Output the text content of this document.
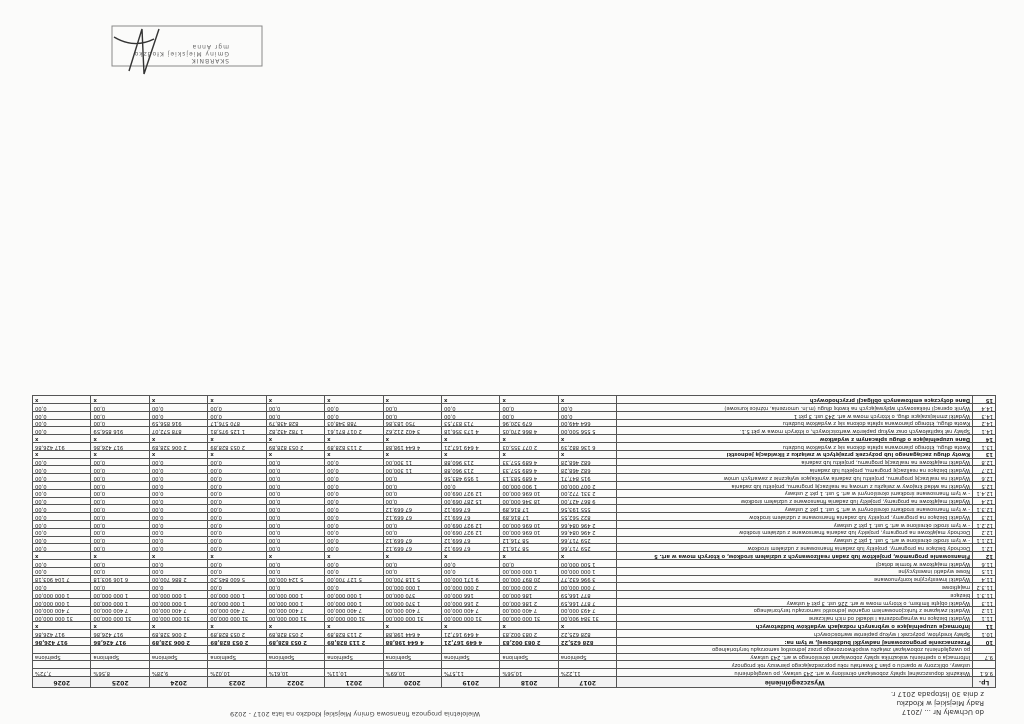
do Uchwały Nr ... /2017
Rady Miejskiej w Kłodzku
z dnia 30 listopada 2017 r.
Wieloletnia prognoza finansowa Gminy Miejskiej Kłodzko na lata 2017 - 2029
Lp.	Wyszczególnienie	2017	2018	2019	2020	2021	2022	2023	2024	2025	2026
9.6.1	Wskaźnik dopuszczalnej spłaty zobowiązań określony w art. 243 ustawy, po uwzględnieniu	11,22%	10,56%	11,57%	10,69%	10,11%	10,61%	10,02%	9,28%	8,56%	7,72%
	ustawy, obliczony w oparciu o plan 3 kwartału roku poprzedzającego pierwszy rok prognozy										
9.7	Informacja o spełnieniu wskaźnika spłaty zobowiązań określonego w art. 243 ustawy	Spełniona	Spełniona	Spełniona	Spełniona	Spełniona	Spełniona	Spełniona	Spełniona	Spełniona	Spełniona
	po uwzględnieniu zobowiązań związku współtworzonego przez jednostkę samorządu terytorialnego										
10	Przeznaczenie prognozowanej nadwyżki budżetowej, w tym na:	828 625,22	2 083 002,83	4 649 167,21	4 644 198,88	2 113 828,89	2 053 828,89	2 053 828,89	2 006 328,89	917 426,86	917 426,86
10.1	Spłaty kredytów, pożyczek i wykup papierów wartościowych	828 625,22	2 083 002,83	4 649 167,21	4 644 198,88	2 113 828,89	2 053 828,89	2 053 828,89	2 006 328,89	917 426,86	917 426,86
11	Informacje uzupełniające o wybranych rodzajach wydatków budżetowych	x	x	x	x	x	x	x	x	x	x
11.1	Wydatki bieżące na wynagrodzenia i składki od nich naliczane	31 384 900,00	31 000 000,00	31 000 000,00	31 000 000,00	31 000 000,00	31 000 000,00	31 000 000,00	31 000 000,00	31 000 000,00	31 000 000,00
11.2	Wydatki związane z funkcjonowaniem organów jednostki samorządu terytorialnego	7 493 000,00	7 400 000,00	7 400 000,00	7 400 000,00	7 400 000,00	7 400 000,00	7 400 000,00	7 400 000,00	7 400 000,00	7 400 000,00
11.3	Wydatki objęte limitem, o którym mowa w art. 226 ust. 3 pkt 4 ustawy	7 877 166,59	2 186 000,00	2 166 000,00	1 370 000,00	1 000 000,00	1 000 000,00	1 000 000,00	1 000 000,00	1 000 000,00	1 000 000,00
11.3.1	bieżące	877 166,59	186 000,00	166 000,00	370 000,00	1 000 000,00	1 000 000,00	1 000 000,00	1 000 000,00	1 000 000,00	1 000 000,00
11.3.2	majątkowe	7 000 000,00	2 000 000,00	2 000 000,00	1 000 000,00	0,00	0,00	0,00	0,00	0,00	0,00
11.4	Wydatki inwestycyjne kontynuowane	3 996 632,77	20 897 000,00	9 171 000,00	5 118 700,00	5 127 700,00	5 124 000,00	5 600 845,20	2 886 700,00	6 106 903,18	7 104 903,18
11.5	Nowe wydatki inwestycyjne	1 000 000,00	1 000 000,00	0,00	0,00	0,00	0,00	0,00	0,00	0,00	0,00
11.6	Wydatki majątkowe w formie dotacji	1 500 000,00	0,00	0,00	0,00	0,00	0,00	0,00	0,00	0,00	0,00
12	Finansowanie programów, projektów lub zadań realizowanych z udziałem środków, o których mowa w art. 5	x	x	x	x	x	x	x	x	x	x
12.1	Dochody bieżące na programy, projekty lub zadania finansowane z udziałem środków	259 717,66	58 716,12	67 669,12	67 669,12	0,00	0,00	0,00	0,00	0,00	0,00
12.1.1	- w tym środki określone w art. 5 ust. 1 pkt 2 ustawy	259 717,66	58 716,12	67 669,12	67 669,12	0,00	0,00	0,00	0,00	0,00	0,00
12.2	Dochody majątkowe na programy, projekty lub zadania finansowane z udziałem środków	2 496 084,66	10 696 000,00	12 927 069,00	0,00	0,00	0,00	0,00	0,00	0,00	0,00
12.2.1	- w tym środki określone w art. 5 ust. 1 pkt 2 ustawy	2 496 084,66	10 696 000,00	12 927 069,00	0,00	0,00	0,00	0,00	0,00	0,00	0,00
12.3	Wydatki bieżące na programy, projekty lub zadania finansowane z udziałem środków	822 562,55	17 816,89	67 669,12	67 669,12	0,00	0,00	0,00	0,00	0,00	0,00
12.3.1	- w tym finansowane środkami określonymi w art. 5 ust. 1 pkt 2 ustawy	555 193,56	17 816,89	67 669,12	67 669,12	0,00	0,00	0,00	0,00	0,00	0,00
12.4	Wydatki majątkowe na programy, projekty lub zadania finansowane z udziałem środków	9 867 427,00	18 346 000,00	15 287 069,00	0,00	0,00	0,00	0,00	0,00	0,00	0,00
12.4.1	- w tym finansowane środkami określonymi w art. 5 ust. 1 pkt 2 ustawy	2 331 772,00	10 696 000,00	12 927 069,00	0,00	0,00	0,00	0,00	0,00	0,00	0,00
12.5	Wydatki na wkład krajowy w związku z umową na realizację programu, projektu lub zadania	2 007 000,00	1 900 000,00	0,00	0,00	0,00	0,00	0,00	0,00	0,00	0,00
12.6	Wydatki na realizację programu, projektu lub zadania wynikające wyłącznie z zawartych umów	915 847,71	4 689 583,13	1 959 483,56	0,00	0,00	0,00	0,00	0,00	0,00	0,00
12.7	Wydatki bieżące na realizację programu, projektu lub zadania	682 468,28	4 689 557,33	213 960,88	11 300,00	0,00	0,00	0,00	0,00	0,00	0,00
12.8	Wydatki majątkowe na realizację programu, projektu lub zadania	682 468,28	4 689 557,33	213 960,88	11 300,00	0,00	0,00	0,00	0,00	0,00	0,00
13	Kwoty długu zaciąganego lub pożyczek przejętych w związku z likwidacją jednostki	x	x	x	x	x	x	x	x	x	x
13.1	Kwota długu, którego planowana spłata dokona się z wydatków budżetu	6 136 882,39	2 077 355,03	4 649 167,21	4 644 198,88	2 113 828,89	2 053 828,89	2 053 828,89	2 006 328,89	917 426,86	917 426,86
14	Dane uzupełniające o długu spłacanym z wydatków	x	x	x	x	x	x	x	x	x	x
14.1	Spłaty rat kapitałowych oraz wykup papierów wartościowych, o których mowa w pkt 5.1.	5 556 500,00	4 866 270,05	4 173 356,18	3 402 212,62	2 017 871,61	1 782 432,82	1 125 975,81	878 572,07	916 856,59	0,00
14.2	Kwota długu, którego planowana spłata dokona się z wydatków budżetu	664 449,00	679 320,96	713 837,53	750 183,86	788 348,03	828 438,79	870 576,17	916 856,59	0,00	0,00
14.3	Wydatki zmniejszające dług, o których mowa w art. 243 ust. 3 pkt 1	0,00	0,00	0,00	0,00	0,00	0,00	0,00	0,00	0,00	0,00
14.4	Wynik operacji niekasowych wpływających na kwotę długu (m.in. umorzenia, różnice kursowe)	0,00	0,00	0,00	0,00	0,00	0,00	0,00	0,00	0,00	0,00
15	Dane dotyczące emitowanych obligacji przychodowych	x	x	x	x	x	x	x	x	x	x
SKARBNIK
Gminy Miejskiej Kłodzko
mgr Anna
